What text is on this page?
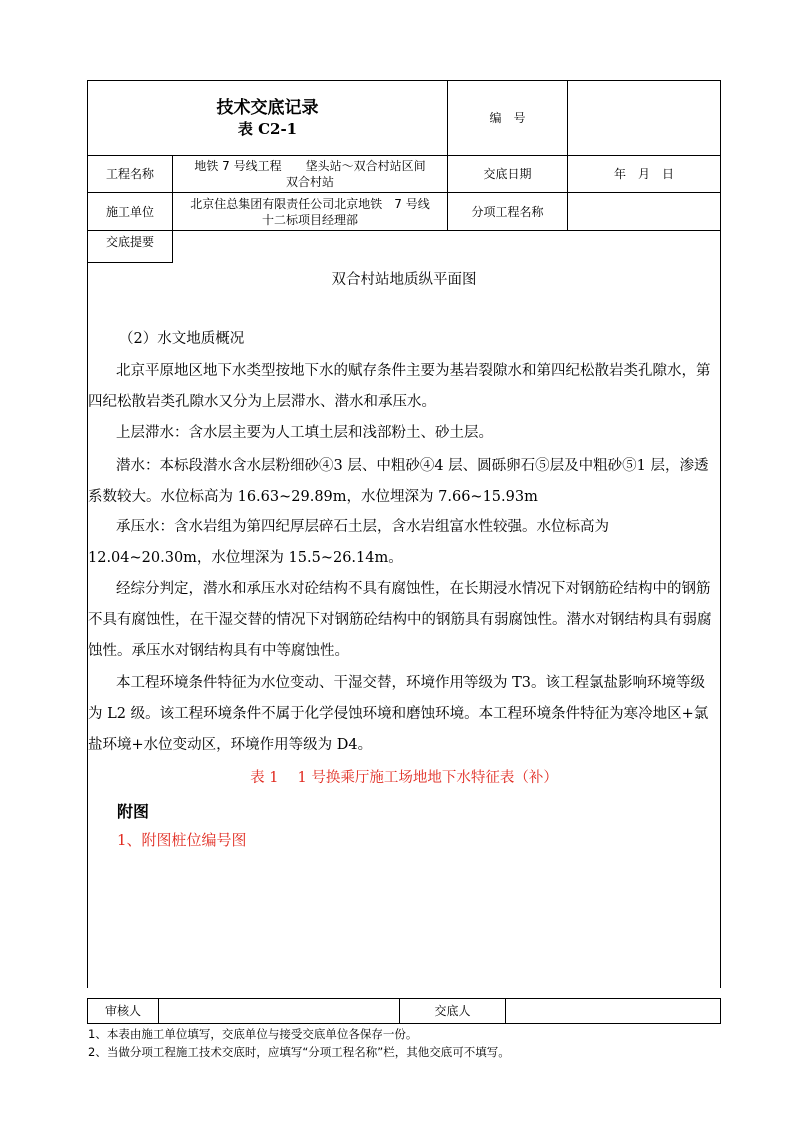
技术交底记录
表 C2-1
编　号
工程名称
地铁 7 号线工程　　垡头站～双合村站区间
双合村站
交底日期	年　月　日
施工单位
北京住总集团有限责任公司北京地铁　7 号线
十二标项目经理部
分项工程名称
交底提要
双合村站地质纵平面图
（2）水文地质概况
北京平原地区地下水类型按地下水的赋存条件主要为基岩裂隙水和第四纪松散岩类孔隙水，第四纪松散岩类孔隙水又分为上层滞水、潜水和承压水。
上层滞水：含水层主要为人工填土层和浅部粉土、砂土层。
潜水：本标段潜水含水层粉细砂④3 层、中粗砂④4 层、圆砾卵石⑤层及中粗砂⑤1 层，渗透系数较大。水位标高为 16.63~29.89m，水位埋深为 7.66~15.93m
承压水：含水岩组为第四纪厚层碎石土层，含水岩组富水性较强。水位标高为 12.04~20.30m，水位埋深为 15.5~26.14m。
经综分判定，潜水和承压水对砼结构不具有腐蚀性，在长期浸水情况下对钢筋砼结构中的钢筋不具有腐蚀性，在干湿交替的情况下对钢筋砼结构中的钢筋具有弱腐蚀性。潜水对钢结构具有弱腐蚀性。承压水对钢结构具有中等腐蚀性。
本工程环境条件特征为水位变动、干湿交替，环境作用等级为 T3。该工程氯盐影响环境等级为 L2 级。该工程环境条件不属于化学侵蚀环境和磨蚀环境。本工程环境条件特征为寒冷地区+氯盐环境+水位变动区，环境作用等级为 D4。
表 1　 1 号换乘厅施工场地地下水特征表（补）
附图
1、附图桩位编号图
审核人	交底人
1、本表由施工单位填写，交底单位与接受交底单位各保存一份。
2、当做分项工程施工技术交底时，应填写“分项工程名称”栏，其他交底可不填写。
